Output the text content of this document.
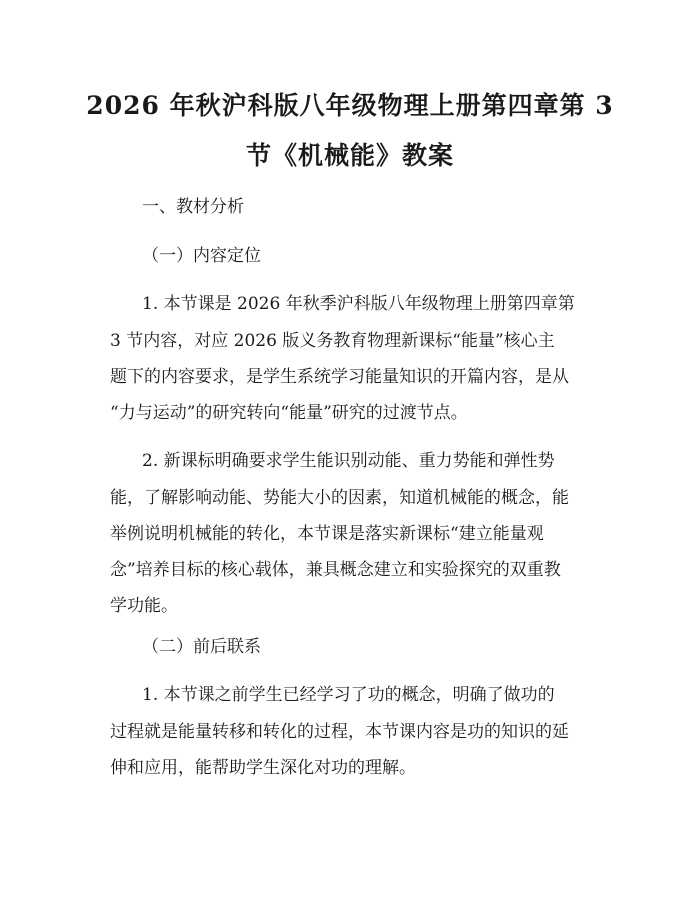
2026 年秋沪科版八年级物理上册第四章第 3
节《机械能》教案
一、教材分析
（一）内容定位
1. 本节课是 2026 年秋季沪科版八年级物理上册第四章第
3 节内容，对应 2026 版义务教育物理新课标“能量”核心主
题下的内容要求，是学生系统学习能量知识的开篇内容，是从
“力与运动”的研究转向“能量”研究的过渡节点。
2. 新课标明确要求学生能识别动能、重力势能和弹性势
能，了解影响动能、势能大小的因素，知道机械能的概念，能
举例说明机械能的转化，本节课是落实新课标“建立能量观
念”培养目标的核心载体，兼具概念建立和实验探究的双重教
学功能。
（二）前后联系
1. 本节课之前学生已经学习了功的概念，明确了做功的
过程就是能量转移和转化的过程，本节课内容是功的知识的延
伸和应用，能帮助学生深化对功的理解。
